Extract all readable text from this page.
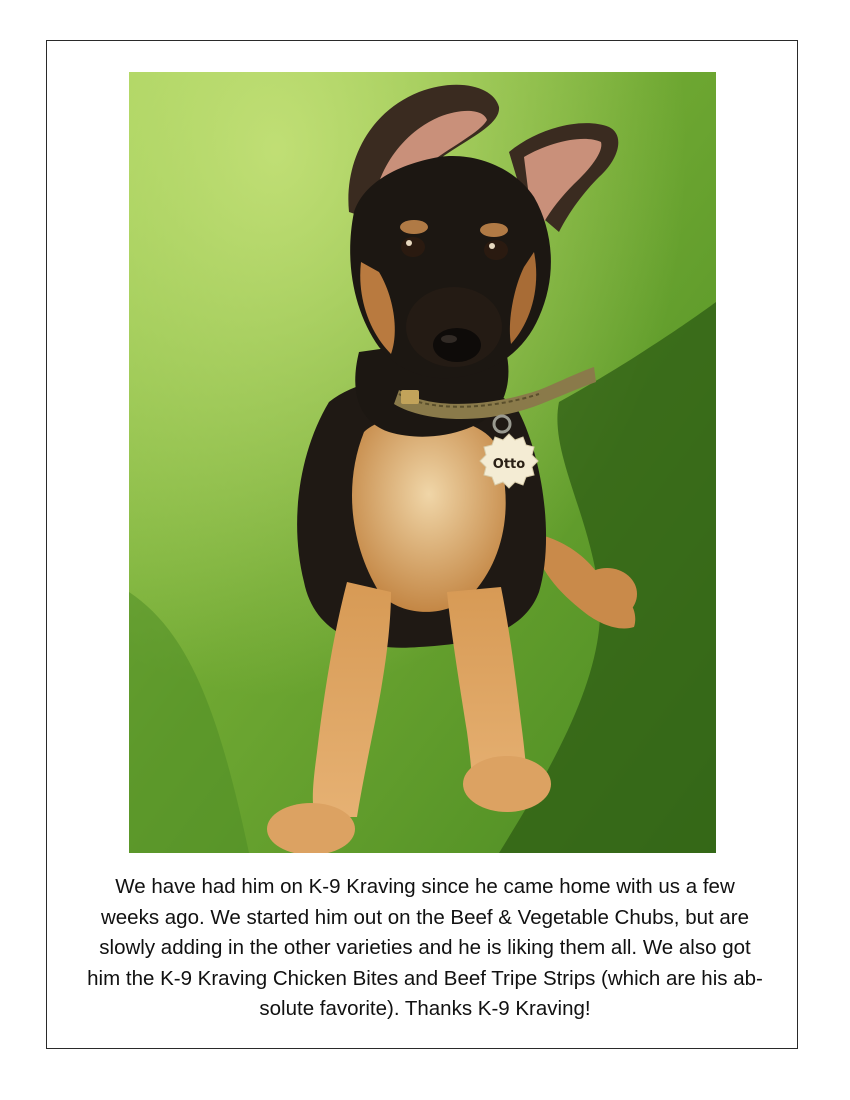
Otto
We have had him on K-9 Kraving since he came home with us a few
weeks ago. We started him out on the Beef & Vegetable Chubs, but are
slowly adding in the other varieties and he is liking them all. We also got
him the K-9 Kraving Chicken Bites and Beef Tripe Strips (which are his ab-
solute favorite). Thanks K-9 Kraving!
